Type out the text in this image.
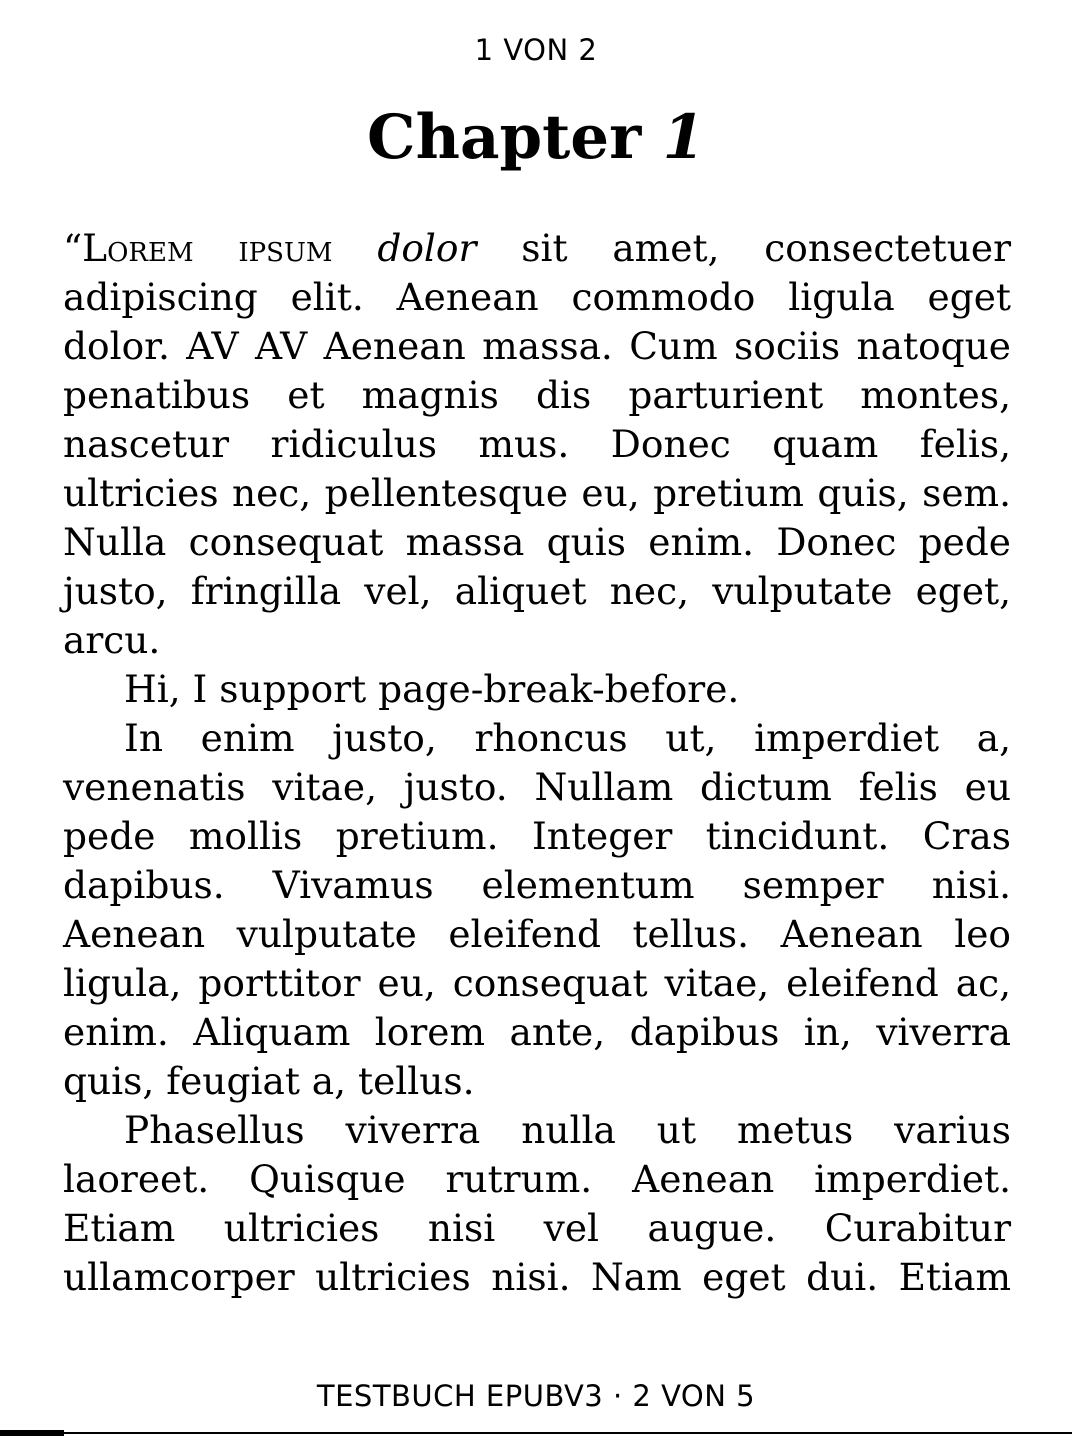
1 VON 2
Chapter 1

“Lorem ipsum dolor sit amet, consectetuer adipiscing elit. Aenean commodo ligula eget dolor. AV AV Aenean massa. Cum sociis natoque penatibus et magnis dis parturient montes, nascetur ridiculus mus. Donec quam felis, ultricies nec, pellentesque eu, pretium quis, sem. Nulla consequat massa quis enim. Donec pede justo, fringilla vel, aliquet nec, vulputate eget, arcu.

Hi, I support page-break-before.

In enim justo, rhoncus ut, imperdiet a, venenatis vitae, justo. Nullam dictum felis eu pede mollis pretium. Integer tincidunt. Cras dapibus. Vivamus elementum semper nisi. Aenean vulputate eleifend tellus. Aenean leo ligula, porttitor eu, consequat vitae, eleifend ac, enim. Aliquam lorem ante, dapibus in, viverra quis, feugiat a, tellus.

Phasellus viverra nulla ut metus varius laoreet. Quisque rutrum. Aenean imperdiet. Etiam ultricies nisi vel augue. Curabitur ullamcorper ultricies nisi. Nam eget dui. Etiam

TESTBUCH EPUBV3 · 2 VON 5
